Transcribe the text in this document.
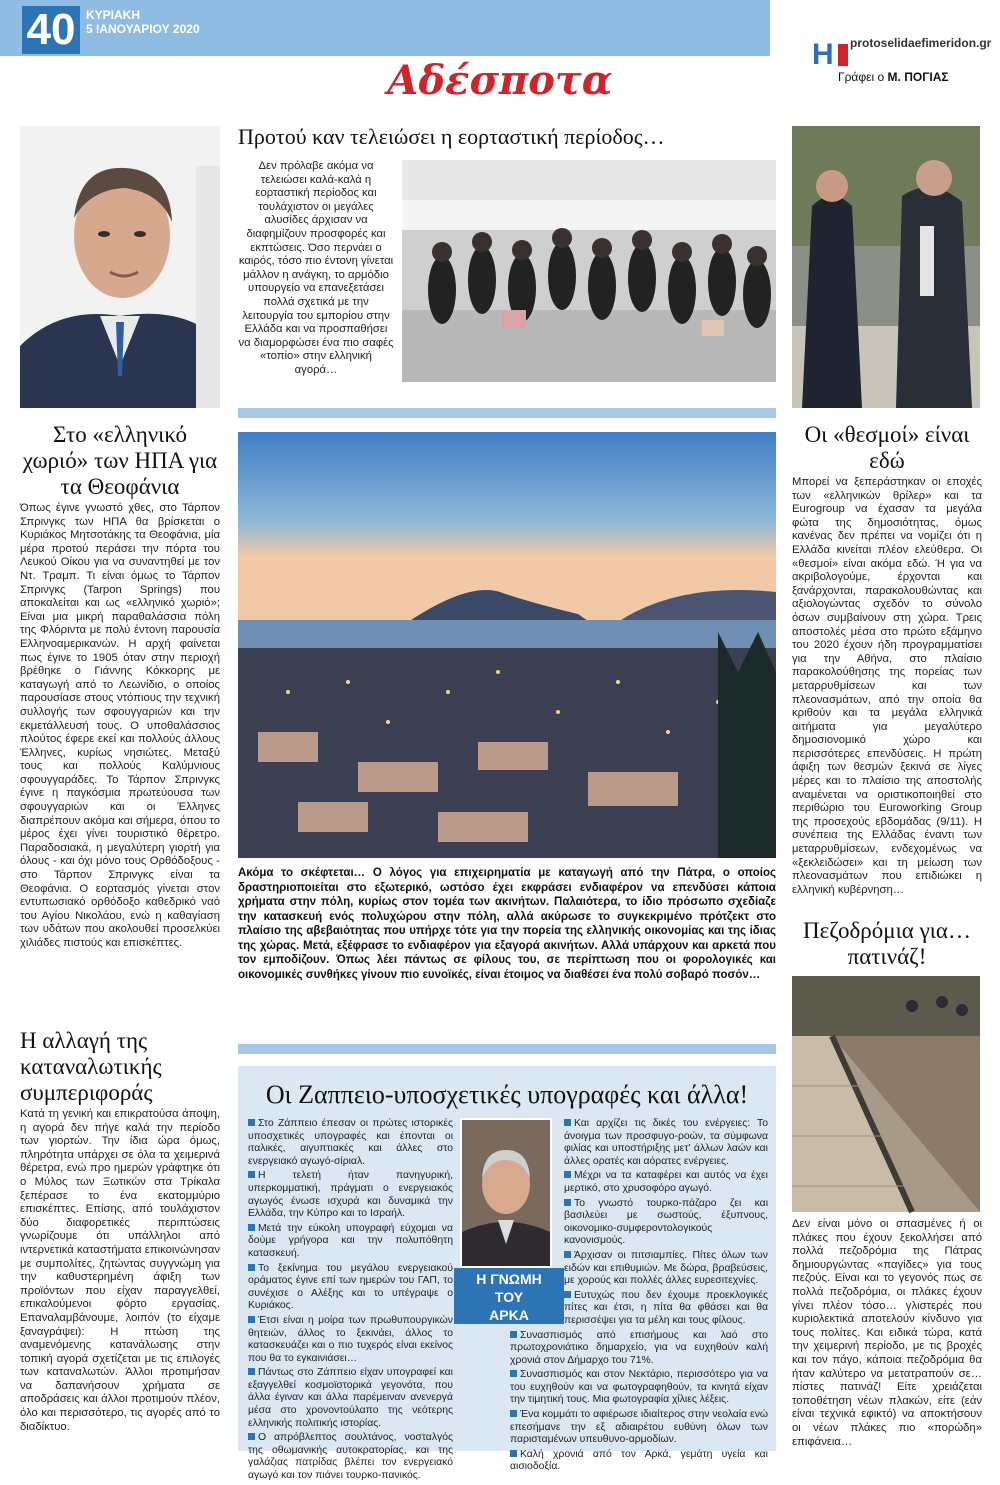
40 ΚΥΡΙΑΚΗ
5 ΙΑΝΟΥΑΡΙΟΥ 2020
Αδέσποτα
Η protoselidaefimeridon.gr
Γράφει ο Μ. ΠΟΓΙΑΣ
Στο «ελληνικό χωριό» των ΗΠΑ για τα Θεοφάνια
Όπως έγινε γνωστό χθες, στο Τάρπον Σπρινγκς των ΗΠΑ θα βρίσκεται ο Κυριάκος Μητσοτάκης τα Θεοφάνια, μία μέρα προτού περάσει την πόρτα του Λευκού Οίκου για να συναντηθεί με τον Ντ. Τραμπ. Τι είναι όμως το Τάρπον Σπρινγκς (Tarpon Springs) που αποκαλείται και ως «ελληνικό χωριό»; Είναι μια μικρή παραθαλάσσια πόλη της Φλόριντα με πολύ έντονη παρουσία Ελληνοαμερικανών. Η αρχή φαίνεται πως έγινε το 1905 όταν στην περιοχή βρέθηκε ο Γιάννης Κόκκορης με καταγωγή από το Λεωνίδιο, ο οποίος παρουσίασε στους ντόπιους την τεχνική συλλογής των σφουγγαριών και την εκμετάλλευσή τους. Ο υποθαλάσσιος πλούτος έφερε εκεί και πολλούς άλλους Έλληνες, κυρίως νησιώτες. Μεταξύ τους και πολλούς Καλύμνιους σφουγγαράδες. Το Τάρπον Σπρινγκς έγινε η παγκόσμια πρωτεύουσα των σφουγγαριών και οι Έλληνες διαπρέπουν ακόμα και σήμερα, όπου το μέρος έχει γίνει τουριστικό θέρετρο. Παραδοσιακά, η μεγαλύτερη γιορτή για όλους - και όχι μόνο τους Ορθόδοξους - στο Τάρπον Σπρινγκς είναι τα Θεοφάνια. Ο εορτασμός γίνεται στον εντυπωσιακό ορθόδοξο καθεδρικό ναό του Αγίου Νικολάου, ενώ η καθαγίαση των υδάτων που ακολουθεί προσελκύει χιλιάδες πιστούς και επισκέπτες.
Η αλλαγή της καταναλωτικής συμπεριφοράς
Κατά τη γενική και επικρατούσα άποψη, η αγορά δεν πήγε καλά την περίοδο των γιορτών. Την ίδια ώρα όμως, πληρότητα υπάρχει σε όλα τα χειμερινά θέρετρα, ενώ προ ημερών γράφτηκε ότι ο Μύλος των Ξωτικών στα Τρίκαλα ξεπέρασε το ένα εκατομμύριο επισκέπτες. Επίσης, από τουλάχιστον δύο διαφορετικές περιπτώσεις γνωρίζουμε ότι υπάλληλοι από ιντερνετικά καταστήματα επικοινώνησαν με συμπολίτες, ζητώντας συγγνώμη για την καθυστερημένη άφιξη των προϊόντων που είχαν παραγγελθεί, επικαλούμενοι φόρτο εργασίας. Επαναλαμβάνουμε, λοιπόν (το είχαμε ξαναγράψει): Η πτώση της αναμενόμενης κατανάλωσης στην τοπική αγορά σχετίζεται με τις επιλογές των καταναλωτών. Άλλοι προτιμήσαν να δαπανήσουν χρήματα σε αποδράσεις και άλλοι προτιμούν πλέον, όλο και περισσότερο, τις αγορές από το διαδίκτυο.
Προτού καν τελειώσει η εορταστική περίοδος…
Δεν πρόλαβε ακόμα να τελειώσει καλά-καλά η εορταστική περίοδος και τουλάχιστον οι μεγάλες αλυσίδες άρχισαν να διαφημίζουν προσφορές και εκπτώσεις. Όσο περνάει ο καιρός, τόσο πιο έντονη γίνεται μάλλον η ανάγκη, το αρμόδιο υπουργείο να επανεξετάσει πολλά σχετικά με την λειτουργία του εμπορίου στην Ελλάδα και να προσπαθήσει να διαμορφώσει ένα πιο σαφές «τοπίο» στην ελληνική αγορά…
Ακόμα το σκέφτεται… Ο λόγος για επιχειρηματία με καταγωγή από την Πάτρα, ο οποίος δραστηριοποιείται στο εξωτερικό, ωστόσο έχει εκφράσει ενδιαφέρον να επενδύσει κάποια χρήματα στην πόλη, κυρίως στον τομέα των ακινήτων. Παλαιότερα, το ίδιο πρόσωπο σχεδίαζε την κατασκευή ενός πολυχώρου στην πόλη, αλλά ακύρωσε το συγκεκριμένο πρότζεκτ στο πλαίσιο της αβεβαιότητας που υπήρχε τότε για την πορεία της ελληνικής οικονομίας και της ίδιας της χώρας. Μετά, εξέφρασε το ενδιαφέρον για εξαγορά ακινήτων. Αλλά υπάρχουν και αρκετά που τον εμποδίζουν. Όπως λέει πάντως σε φίλους του, σε περίπτωση που οι φορολογικές και οικονομικές συνθήκες γίνουν πιο ευνοϊκές, είναι έτοιμος να διαθέσει ένα πολύ σοβαρό ποσόν…
Οι Ζαππειο-υποσχετικές υπογραφές και άλλα!
Στο Ζάππειο έπεσαν οι πρώτες ιστορικές υποσχετικές υπογραφές και έπονται οι ιταλικές, αιγυπτιακές και άλλες στο ενεργειακό αγωγό-σίριαλ.
Η τελετή ήταν πανηγυρική, υπερκομματική, πράγματι ο ενεργειακός αγωγός ένωσε ισχυρά και δυναμικά την Ελλάδα, την Κύπρο και το Ισραήλ.
Μετά την εύκολη υπογραφή εύχομαι να δούμε γρήγορα και την πολυπόθητη κατασκευή.
Το ξεκίνημα του μεγάλου ενεργειακού οράματος έγινε επί των ημερών του ΓΑΠ, το συνέχισε ο Αλέξης και το υπέγραψε ο Κυριάκος.
Έτσι είναι η μοίρα των πρωθυπουργικών θητειών, άλλος το ξεκινάει, άλλος το κατασκευάζει και ο πιο τυχερός είναι εκείνος που θα το εγκαινιάσει…
Πάντως στο Ζάππειο είχαν υπογραφεί και εξαγγελθεί κοσμοϊστορικά γεγονότα, που άλλα έγιναν και άλλα παρέμειναν ανενεργά μέσα στο χρονοντούλαπο της νεότερης ελληνικής πολιτικής ιστορίας.
Ο απρόβλεπτος σουλτάνος, νοσταλγός της οθωμανικής αυτοκρατορίας, και της γαλάζιας πατρίδας βλέπει τον ενεργειακό αγωγό και τον πιάνει τουρκο-πανικός.
Η ΓΝΩΜΗ
ΤΟΥ
ΑΡΚΑ
Και αρχίζει τις δικές του ενέργειες: Το άνοιγμα των προσφυγο-ροών, τα σύμφωνα φιλίας και υποστήριξης μετ' άλλων λαών και άλλες ορατές και αόρατες ενέργειες.
Μέχρι να τα καταφέρει και αυτός να έχει μερτικό, στο χρυσοφόρο αγωγό.
Το γνωστό τουρκο-πάζαρο ζει και βασιλεύει με σωστούς, έξυπνους, οικονομικο-συμφεροντολογικούς κανονισμούς.
Άρχισαν οι πιτσιαμπίες. Πίτες όλων των ειδών και επιθυμιών. Με δώρα, βραβεύσεις, με χορούς και πολλές άλλες ευρεσιτεχνίες.
Ευτυχώς που δεν έχουμε προεκλογικές πίτες και έτσι, η πίτα θα φθάσει και θα περισσέψει για τα μέλη και τους φίλους.
Συνασπισμός από επισήμους και λαό στο πρωτοχρονιάτικο δημαρχείο, για να ευχηθούν καλή χρονιά στον Δήμαρχο του 71%.
Συνασπισμός και στον Νεκτάριο, περισσότερο για να του ευχηθούν και να φωτογραφηθούν, τα κινητά είχαν την τιμητική τους. Μια φωτογραφία χίλιες λέξεις.
Ένα κομμάτι το αφιέρωσε ιδιαίτερος στην νεολαία ενώ επεσήμανε την εξ αδιαιρέτου ευθύνη όλων των παρισταμένων υπευθυνο-αρμοδίων.
Καλή χρονιά από τον Αρκά, γεμάτη υγεία και αισιοδοξία.
Οι «θεσμοί» είναι εδώ
Μπορεί να ξεπεράστηκαν οι εποχές των «ελληνικών θρίλερ» και τα Eurogroup να έχασαν τα μεγάλα φώτα της δημοσιότητας, όμως κανένας δεν πρέπει να νομίζει ότι η Ελλάδα κινείται πλέον ελεύθερα. Οι «θεσμοί» είναι ακόμα εδώ. Ή για να ακριβολογούμε, έρχονται και ξανάρχονται, παρακολουθώντας και αξιολογώντας σχεδόν το σύνολο όσων συμβαίνουν στη χώρα. Τρεις αποστολές μέσα στο πρώτο εξάμηνο του 2020 έχουν ήδη προγραμματίσει για την Αθήνα, στο πλαίσιο παρακολούθησης της πορείας των μεταρρυθμίσεων και των πλεονασμάτων, από την οποία θα κριθούν και τα μεγάλα ελληνικά αιτήματα για μεγαλύτερο δημοσιονομικό χώρο και περισσότερες επενδύσεις. Η πρώτη άφιξη των θεσμών ξεκινά σε λίγες μέρες και το πλαίσιο της αποστολής αναμένεται να οριστικοποιηθεί στο περιθώριο του Euroworking Group της προσεχούς εβδομάδας (9/11). Η συνέπεια της Ελλάδας έναντι των μεταρρυθμίσεων, ενδεχομένως να «ξεκλειδώσει» και τη μείωση των πλεονασμάτων που επιδιώκει η ελληνική κυβέρνηση…
Πεζοδρόμια για… πατινάζ!
Δεν είναι μόνο οι σπασμένες ή οι πλάκες που έχουν ξεκολλήσει από πολλά πεζοδρόμια της Πάτρας δημιουργώντας «παγίδες» για τους πεζούς. Είναι και το γεγονός πως σε πολλά πεζοδρόμια, οι πλάκες έχουν γίνει πλέον τόσο… γλιστερές που κυριολεκτικά αποτελούν κίνδυνο για τους πολίτες. Και ειδικά τώρα, κατά την χειμερινή περίοδο, με τις βροχές και τον πάγο, κάποια πεζοδρόμια θα ήταν καλύτερο να μετατραπούν σε… πίστες πατινάζ! Είτε χρειάζεται τοποθέτηση νέων πλακών, είτε (εάν είναι τεχνικά εφικτό) να αποκτήσουν οι νέων πλάκες πιο «πορώδη» επιφάνεια…
